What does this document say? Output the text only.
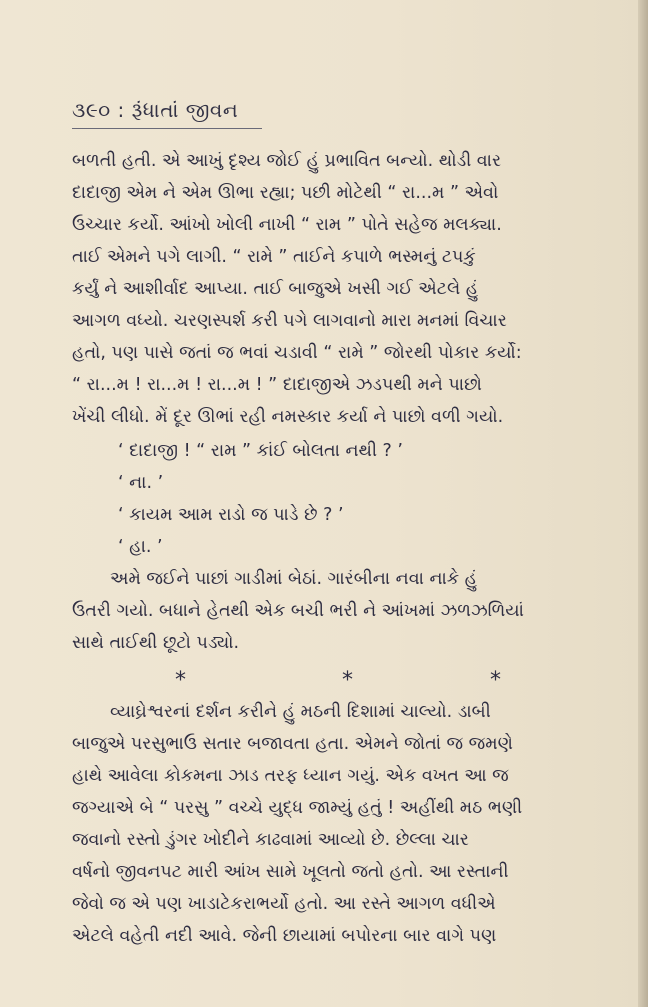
૩૯૦ : રૂંધાતાં જીવન
બળતી હતી. એ આખું દૃશ્ય જોઈ હું પ્રભાવિત બન્યો. થોડી વાર
દાદાજી એમ ને એમ ઊભા રહ્યા; પછી મોટેથી “ રા...મ ” એવો
ઉચ્ચાર કર્યો. આંખો ખોલી નાખી “ રામ ” પોતે સહેજ મલક્યા.
તાઈ એમને પગે લાગી. “ રામે ” તાઈને કપાળે ભસ્મનું ટપકું
કર્યું ને આશીર્વાદ આપ્યા. તાઈ બાજુએ ખસી ગઈ એટલે હું
આગળ વધ્યો. ચરણસ્પર્શ કરી પગે લાગવાનો મારા મનમાં વિચાર
હતો, પણ પાસે જતાં જ ભવાં ચડાવી “ રામે ” જોરથી પોકાર કર્યો:
“ રા...મ ! રા...મ ! રા...મ ! ” દાદાજીએ ઝડપથી મને પાછો
ખેંચી લીધો. મેં દૂર ઊભાં રહી નમસ્કાર કર્યા ને પાછો વળી ગયો.
‘ દાદાજી ! “ રામ ” કાંઈ બોલતા નથી ? ’
‘ ના. ’
‘ કાયમ આમ રાડો જ પાડે છે ? ’
‘ હા. ’
અમે જઈને પાછાં ગાડીમાં બેઠાં. ગારંબીના નવા નાકે હું
ઉતરી ગયો. બધાને હેતથી એક બચી ભરી ને આંખમાં ઝળઝળિયાં
સાથે તાઈથી છૂટો પડ્યો.
*	*	*
વ્યાઘ્રેશ્વરનાં દર્શન કરીને હું મઠની દિશામાં ચાલ્યો. ડાબી
બાજુએ પરસુભાઉ સતાર બજાવતા હતા. એમને જોતાં જ જમણે
હાથે આવેલા કોકમના ઝાડ તરફ ધ્યાન ગયું. એક વખત આ જ
જગ્યાએ બે “ પરસુ ” વચ્ચે યુદ્ધ જામ્યું હતું ! અહીંથી મઠ ભણી
જવાનો રસ્તો ડુંગર ખોદીને કાઢવામાં આવ્યો છે. છેલ્લા ચાર
વર્ષનો જીવનપટ મારી આંખ સામે ખૂલતો જતો હતો. આ રસ્તાની
જેવો જ એ પણ ખાડાટેકરાભર્યો હતો. આ રસ્તે આગળ વધીએ
એટલે વહેતી નદી આવે. જેની છાયામાં બપોરના બાર વાગે પણ
